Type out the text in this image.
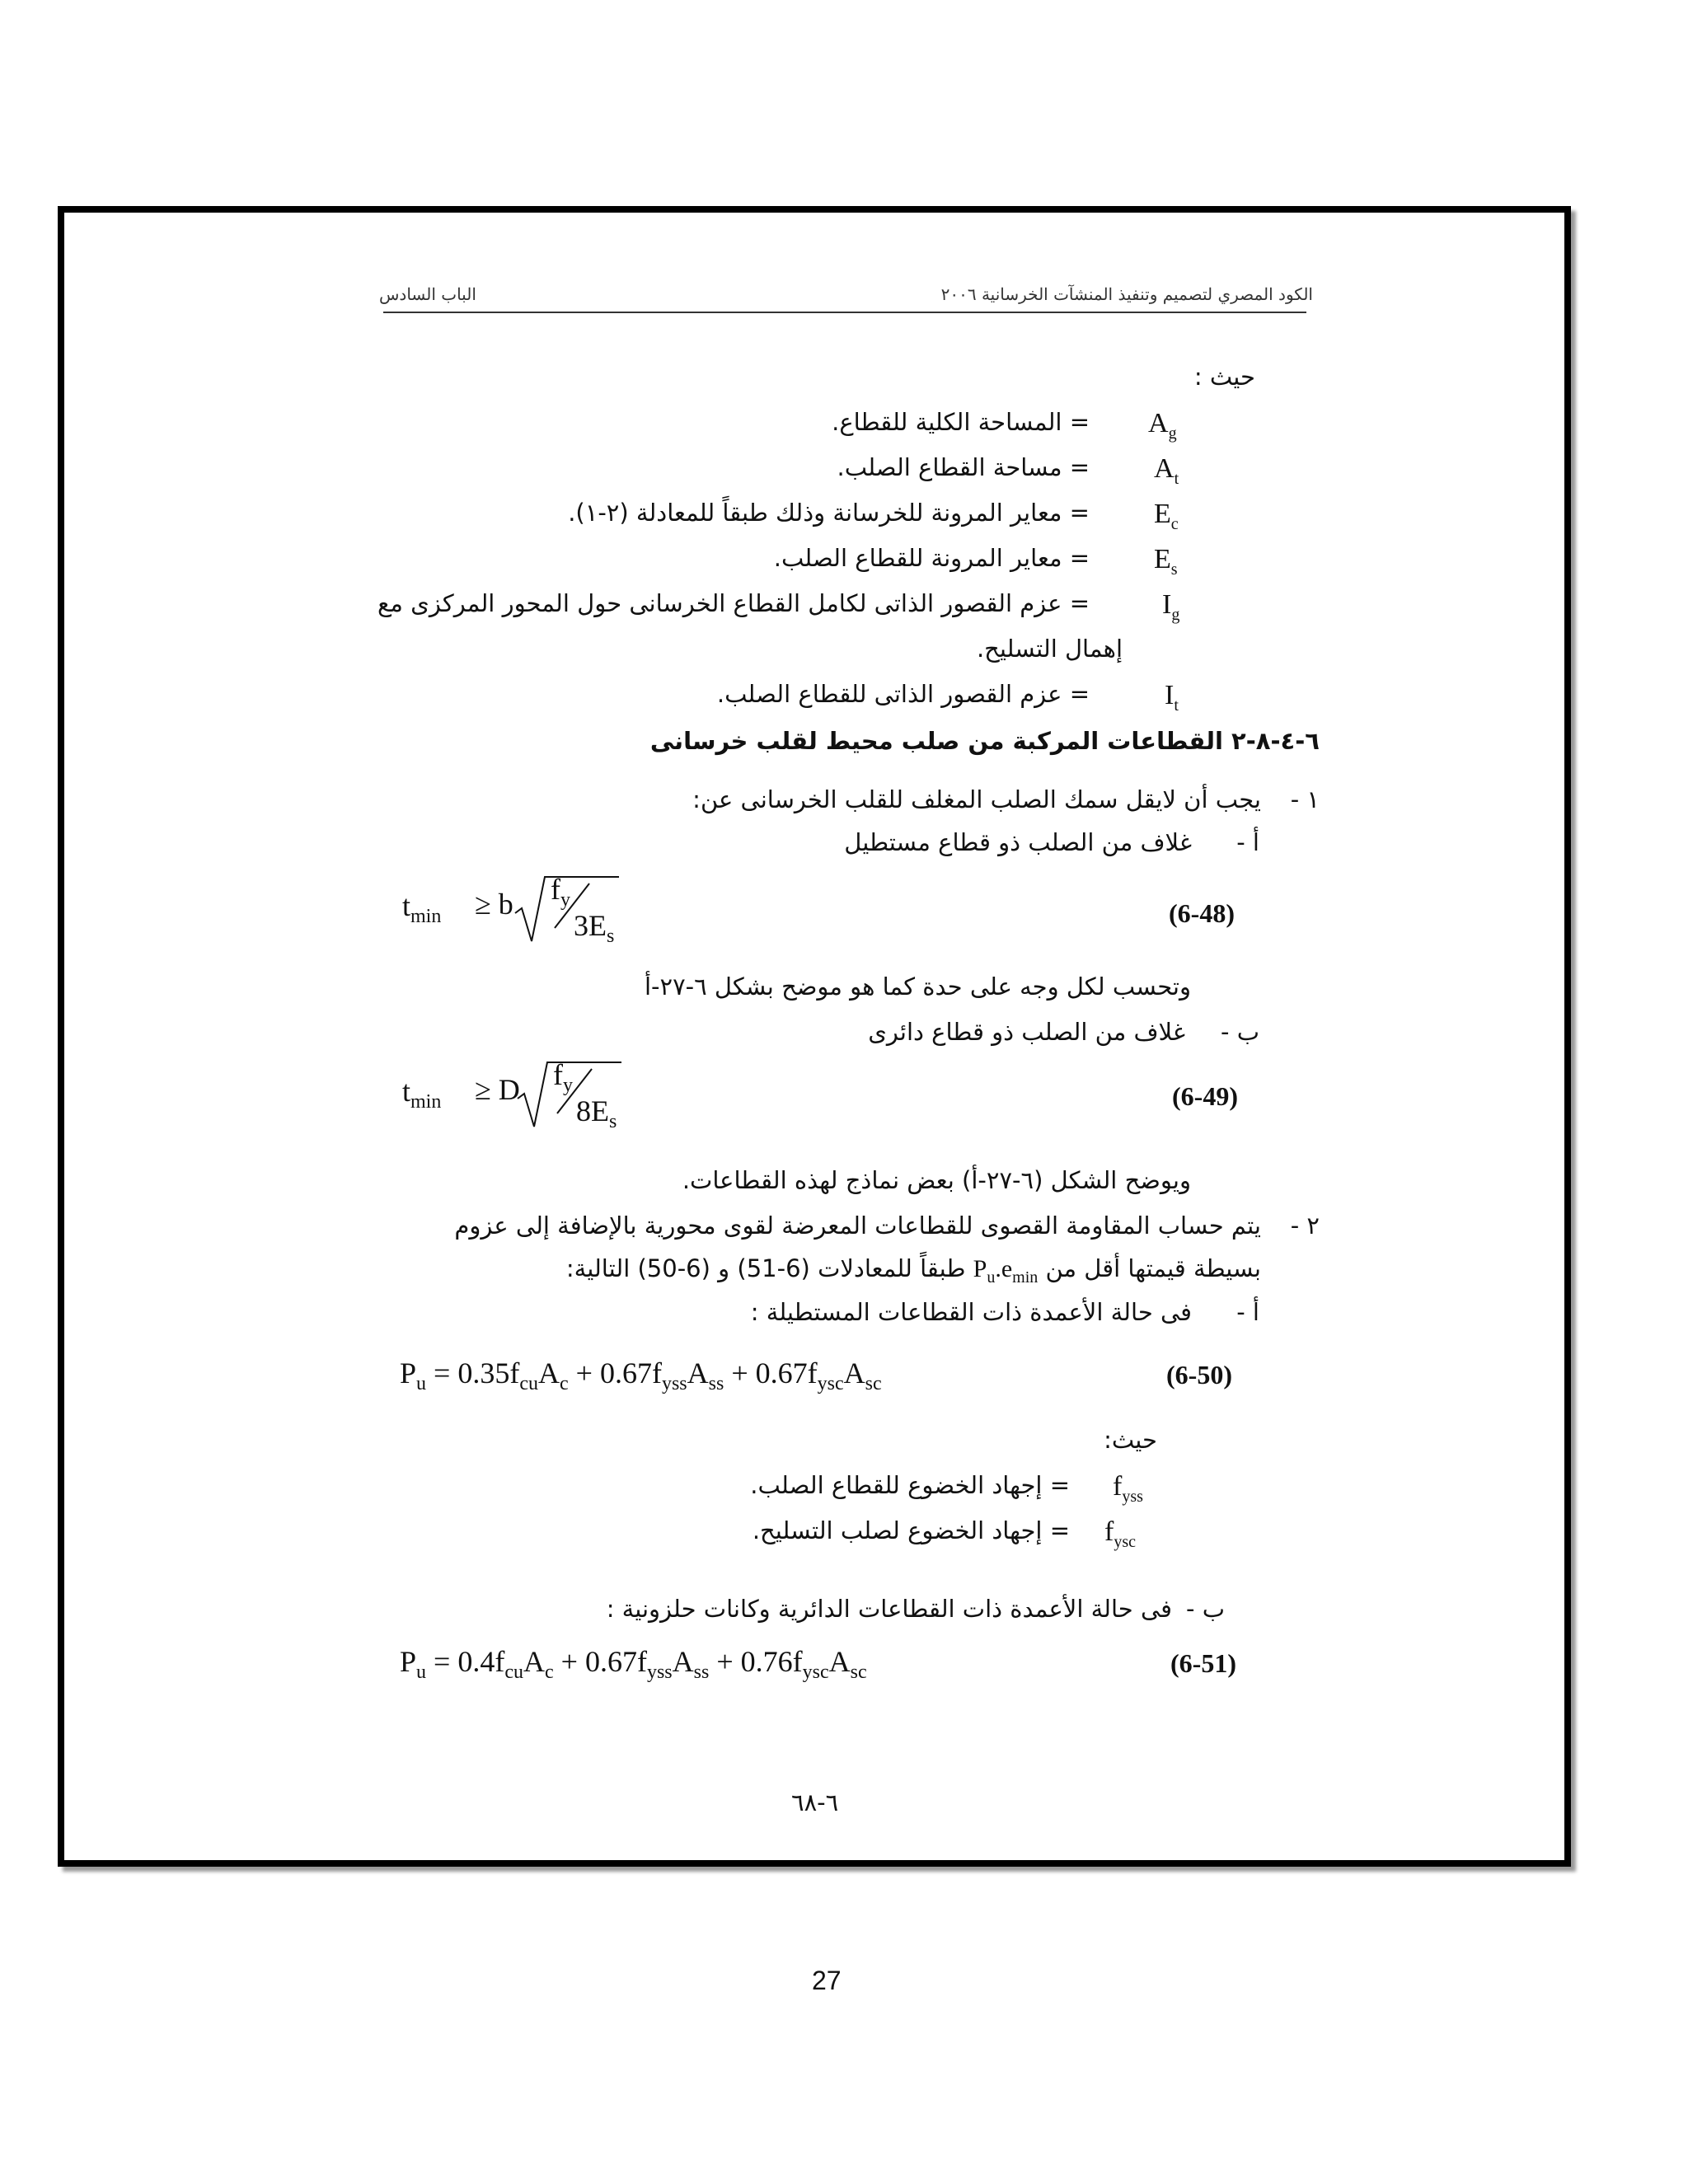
الباب السادس	الكود المصري لتصميم وتنفيذ المنشآت الخرسانية ٢٠٠٦
حيث :
$A_g$
= المساحة الكلية للقطاع.
$A_t$
= مساحة القطاع الصلب.
$E_c$
= معاير المرونة للخرسانة وذلك طبقاً للمعادلة (٢-١).
$E_s$
= معاير المرونة للقطاع الصلب.
$I_g$
= عزم القصور الذاتى لكامل القطاع الخرسانى حول المحور المركزى مع
إهمال التسليح.
$I_t$
= عزم القصور الذاتى للقطاع الصلب.
٦-٤-٨-٢ القطاعات المركبة من صلب محيط لقلب خرسانى
١ -
يجب أن لايقل سمك الصلب المغلف للقلب الخرسانى عن:
أ -
غلاف من الصلب ذو قطاع مستطيل
$t_{min} \ge b$ $f_y$
$3E_s$
(6-48)
وتحسب لكل وجه على حدة كما هو موضح بشكل ٦-٢٧-أ
ب -
غلاف من الصلب ذو قطاع دائرى
$t_{min} \ge D$ $f_y$
$8E_s$
(6-49)
ويوضح الشكل (٦-٢٧-أ) بعض نماذج لهذه القطاعات.
٢ -
يتم حساب المقاومة القصوى للقطاعات المعرضة لقوى محورية بالإضافة إلى عزوم
بسيطة قيمتها أقل من $P_u.e_{min}$ طبقاً للمعادلات (6-51) و (6-50) التالية:
أ -
فى حالة الأعمدة ذات القطاعات المستطيلة :
$P_u = 0.35f_{cu}A_c + 0.67f_{yss}A_{ss} + 0.67f_{ysc}A_{sc}$	(6-50)
حيث:
$f_{yss}$
= إجهاد الخضوع للقطاع الصلب.
$f_{ysc}$
= إجهاد الخضوع لصلب التسليح.
ب -
فى حالة الأعمدة ذات القطاعات الدائرية وكانات حلزونية :
$P_u = 0.4f_{cu}A_c + 0.67f_{yss}A_{ss} + 0.76f_{ysc}A_{sc}$	(6-51)
٦-٦٨
27
